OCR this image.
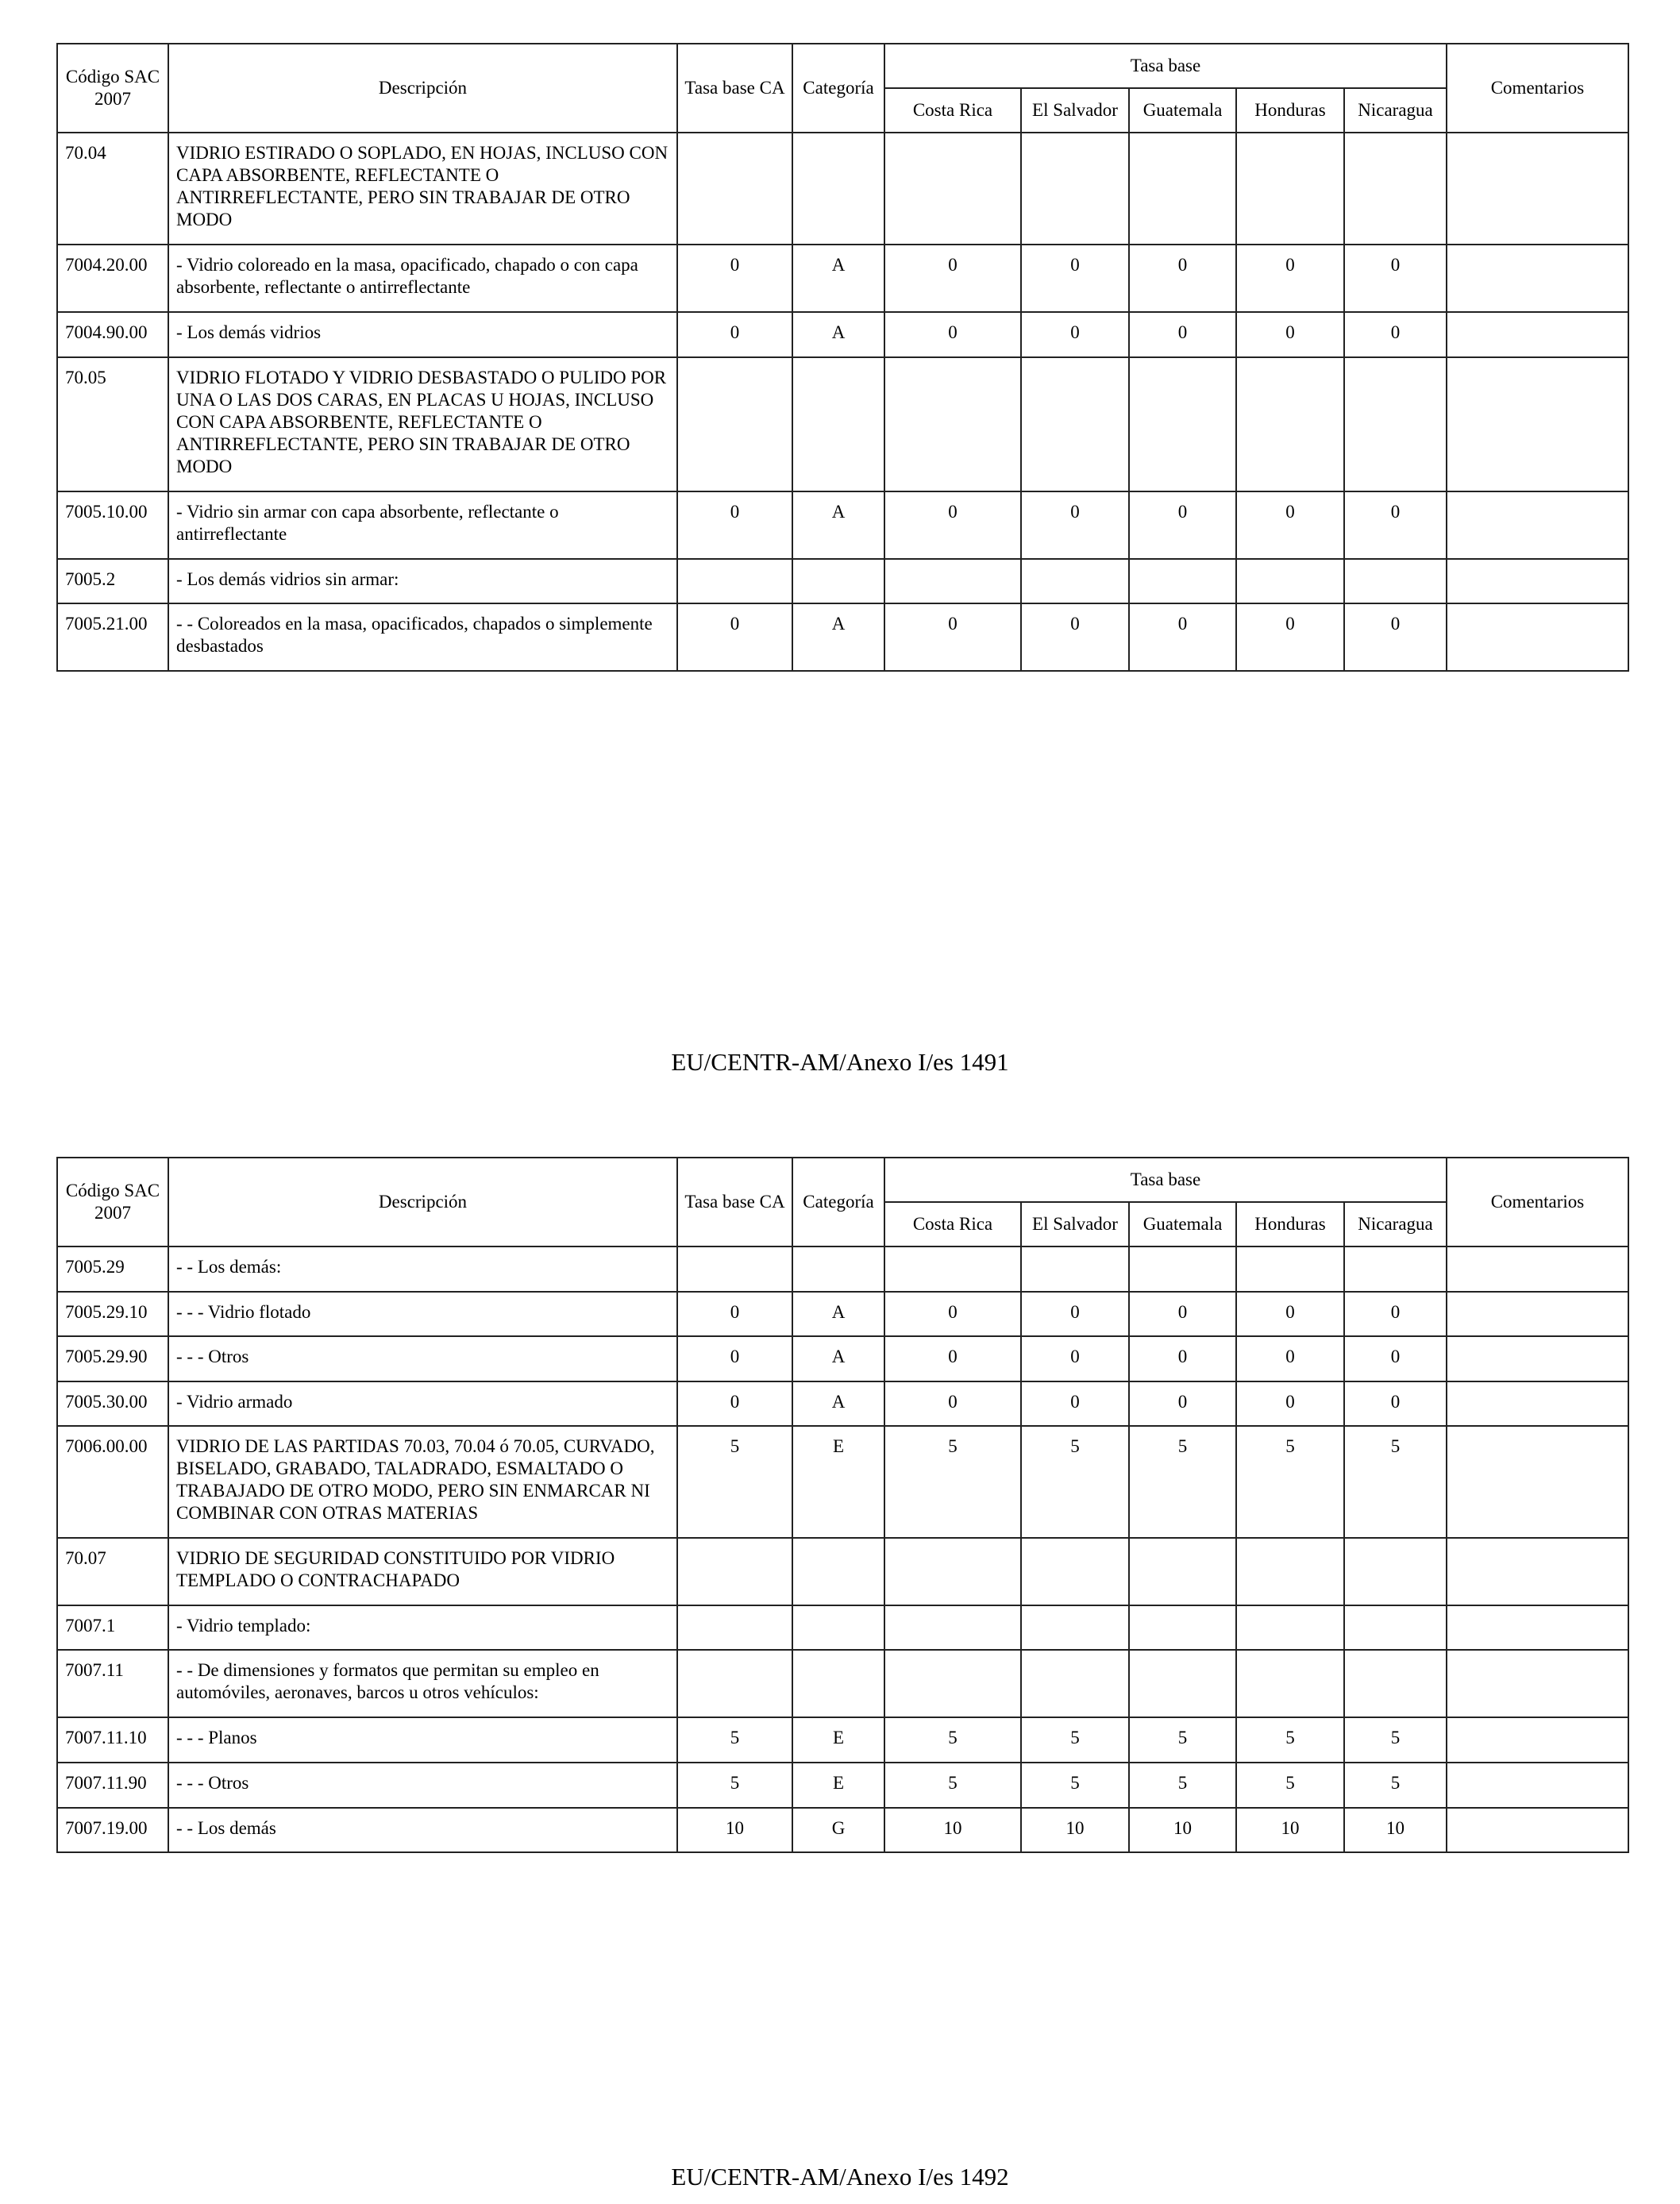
Código SAC 2007	Descripción	Tasa base CA	Categoría	Tasa base					Comentarios
				Costa Rica	El Salvador	Guatemala	Honduras	Nicaragua	
70.04	VIDRIO ESTIRADO O SOPLADO, EN HOJAS, INCLUSO CON CAPA ABSORBENTE, REFLECTANTE O ANTIRREFLECTANTE, PERO SIN TRABAJAR DE OTRO MODO								
7004.20.00	- Vidrio coloreado en la masa, opacificado, chapado o con capa absorbente, reflectante o antirreflectante	0	A	0	0	0	0	0	
7004.90.00	- Los demás vidrios	0	A	0	0	0	0	0	
70.05	VIDRIO FLOTADO Y VIDRIO DESBASTADO O PULIDO POR UNA O LAS DOS CARAS, EN PLACAS U HOJAS, INCLUSO CON CAPA ABSORBENTE, REFLECTANTE O ANTIRREFLECTANTE, PERO SIN TRABAJAR DE OTRO MODO								
7005.10.00	- Vidrio sin armar con capa absorbente, reflectante o antirreflectante	0	A	0	0	0	0	0	
7005.2	- Los demás vidrios sin armar:								
7005.21.00	- - Coloreados en la masa, opacificados, chapados o simplemente desbastados	0	A	0	0	0	0	0	
EU/CENTR-AM/Anexo I/es 1491
Código SAC 2007	Descripción	Tasa base CA	Categoría	Tasa base					Comentarios
				Costa Rica	El Salvador	Guatemala	Honduras	Nicaragua	
7005.29	- - Los demás:								
7005.29.10	- - - Vidrio flotado	0	A	0	0	0	0	0	
7005.29.90	- - - Otros	0	A	0	0	0	0	0	
7005.30.00	- Vidrio armado	0	A	0	0	0	0	0	
7006.00.00	VIDRIO DE LAS PARTIDAS 70.03, 70.04 ó 70.05, CURVADO, BISELADO, GRABADO, TALADRADO, ESMALTADO O TRABAJADO DE OTRO MODO, PERO SIN ENMARCAR NI COMBINAR CON OTRAS MATERIAS	5	E	5	5	5	5	5	
70.07	VIDRIO DE SEGURIDAD CONSTITUIDO POR VIDRIO TEMPLADO O CONTRACHAPADO								
7007.1	- Vidrio templado:								
7007.11	- - De dimensiones y formatos que permitan su empleo en automóviles, aeronaves, barcos u otros vehículos:								
7007.11.10	- - - Planos	5	E	5	5	5	5	5	
7007.11.90	- - - Otros	5	E	5	5	5	5	5	
7007.19.00	- - Los demás	10	G	10	10	10	10	10	
EU/CENTR-AM/Anexo I/es 1492
